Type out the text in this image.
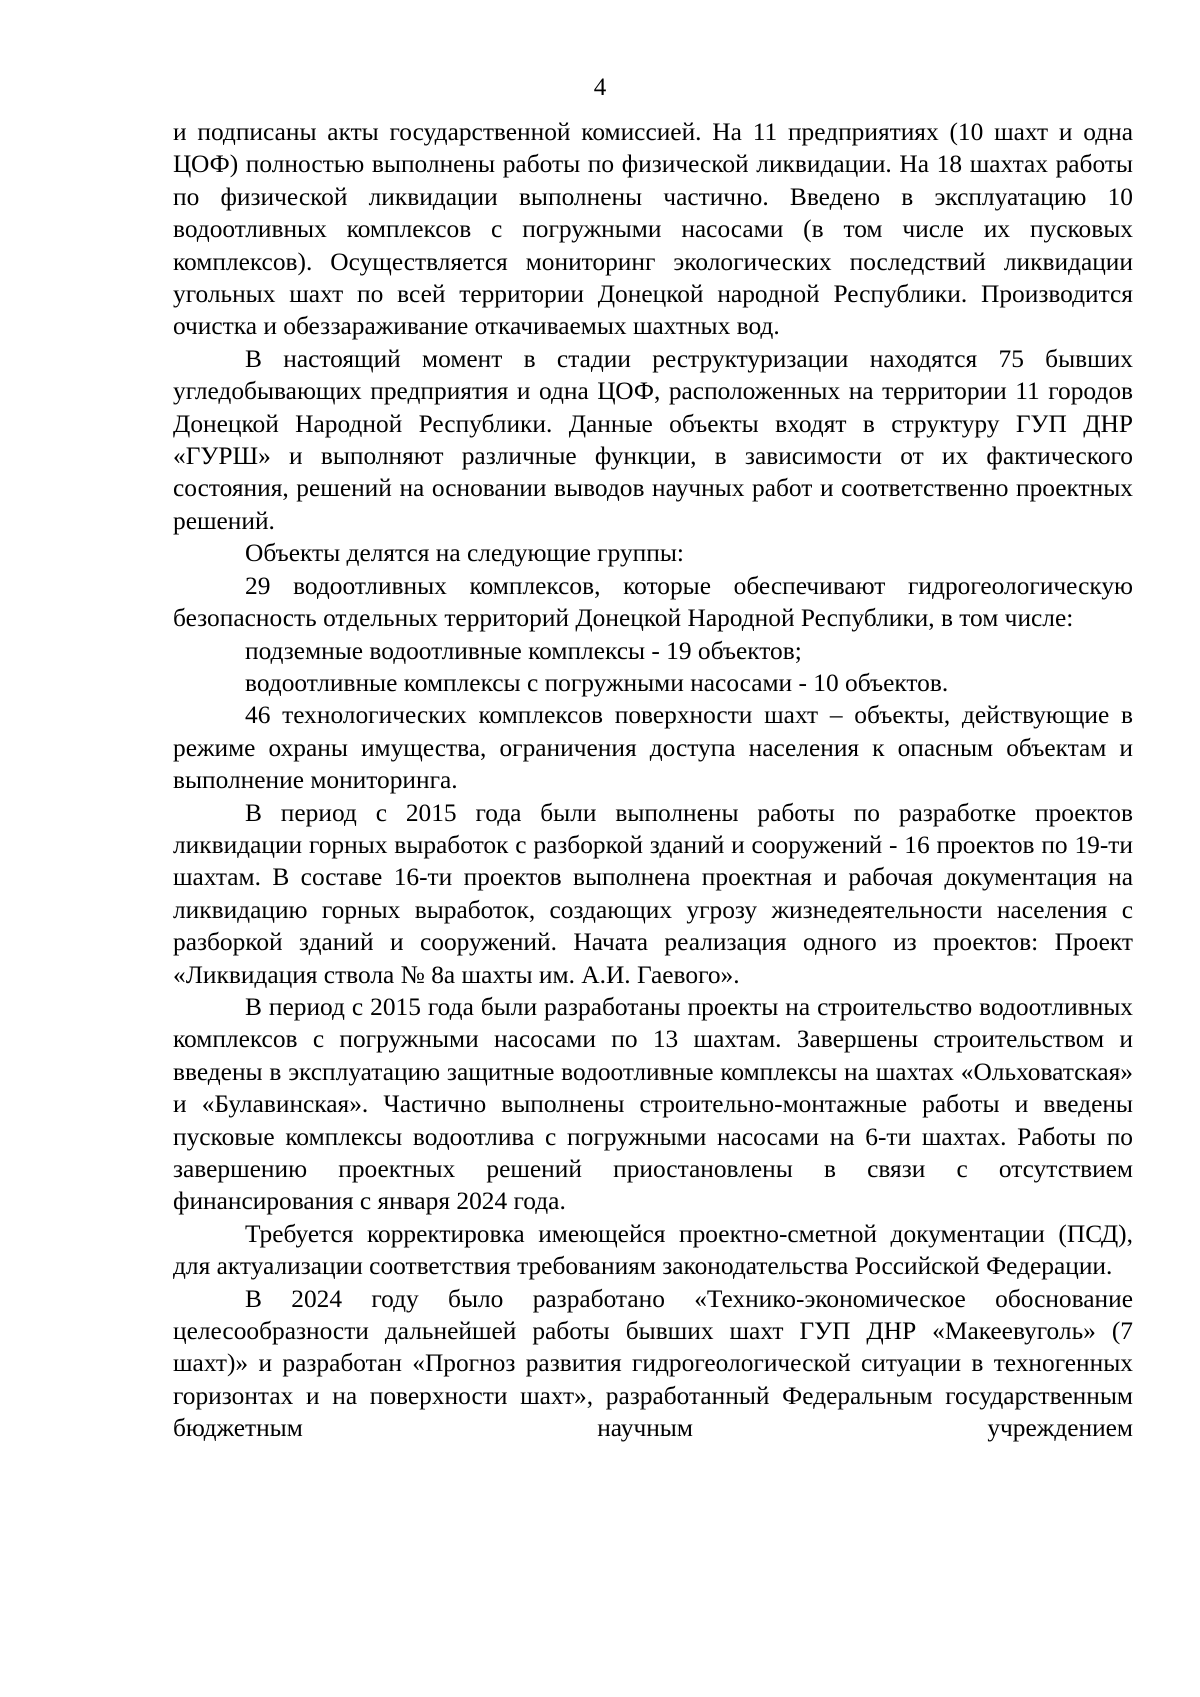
4

и подписаны акты государственной комиссией. На 11 предприятиях (10 шахт и одна ЦОФ) полностью выполнены работы по физической ликвидации. На 18 шахтах работы по физической ликвидации выполнены частично. Введено в эксплуатацию 10 водоотливных комплексов с погружными насосами (в том числе их пусковых комплексов). Осуществляется мониторинг экологических последствий ликвидации угольных шахт по всей территории Донецкой народной Республики. Производится очистка и обеззараживание откачиваемых шахтных вод.

В настоящий момент в стадии реструктуризации находятся 75 бывших угледобывающих предприятия и одна ЦОФ, расположенных на территории 11 городов Донецкой Народной Республики. Данные объекты входят в структуру ГУП ДНР «ГУРШ» и выполняют различные функции, в зависимости от их фактического состояния, решений на основании выводов научных работ и соответственно проектных решений.

Объекты делятся на следующие группы:

29 водоотливных комплексов, которые обеспечивают гидрогеологическую безопасность отдельных территорий Донецкой Народной Республики, в том числе:

подземные водоотливные комплексы - 19 объектов;

водоотливные комплексы с погружными насосами - 10 объектов.

46 технологических комплексов поверхности шахт – объекты, действующие в режиме охраны имущества, ограничения доступа населения к опасным объектам и выполнение мониторинга.

В период с 2015 года были выполнены работы по разработке проектов ликвидации горных выработок с разборкой зданий и сооружений - 16 проектов по 19-ти шахтам. В составе 16-ти проектов выполнена проектная и рабочая документация на ликвидацию горных выработок, создающих угрозу жизнедеятельности населения с разборкой зданий и сооружений. Начата реализация одного из проектов: Проект «Ликвидация ствола № 8а шахты им. А.И. Гаевого».

В период с 2015 года были разработаны проекты на строительство водоотливных комплексов с погружными насосами по 13 шахтам. Завершены строительством и введены в эксплуатацию защитные водоотливные комплексы на шахтах «Ольховатская» и «Булавинская». Частично выполнены строительно-монтажные работы и введены пусковые комплексы водоотлива с погружными насосами на 6-ти шахтах. Работы по завершению проектных решений приостановлены в связи с отсутствием финансирования с января 2024 года.

Требуется корректировка имеющейся проектно-сметной документации (ПСД), для актуализации соответствия требованиям законодательства Российской Федерации.

В 2024 году было разработано «Технико-экономическое обоснование целесообразности дальнейшей работы бывших шахт ГУП ДНР «Макеевуголь» (7 шахт)» и разработан «Прогноз развития гидрогеологической ситуации в техногенных горизонтах и на поверхности шахт», разработанный Федеральным государственным бюджетным научным учреждением
